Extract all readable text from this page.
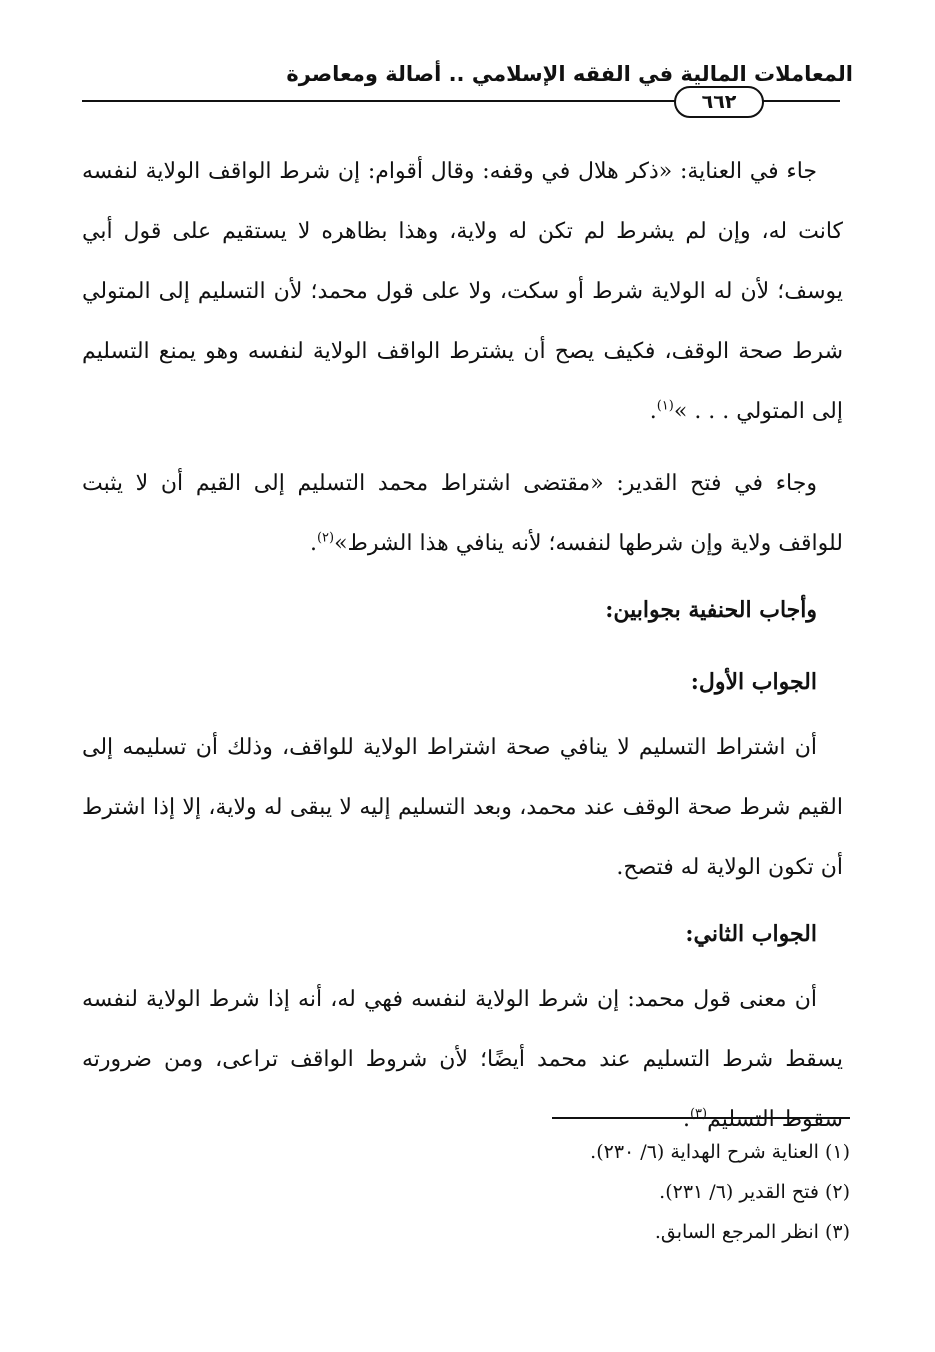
المعاملات المالية في الفقه الإسلامي .. أصالة ومعاصرة
٦٦٢

جاء في العناية: «ذكر هلال في وقفه: وقال أقوام: إن شرط الواقف الولاية لنفسه كانت له، وإن لم يشرط لم تكن له ولاية، وهذا بظاهره لا يستقيم على قول أبي يوسف؛ لأن له الولاية شرط أو سكت، ولا على قول محمد؛ لأن التسليم إلى المتولي شرط صحة الوقف، فكيف يصح أن يشترط الواقف الولاية لنفسه وهو يمنع التسليم إلى المتولي . . . »$^{(١)}$.

وجاء في فتح القدير: «مقتضى اشتراط محمد التسليم إلى القيم أن لا يثبت للواقف ولاية وإن شرطها لنفسه؛ لأنه ينافي هذا الشرط»$^{(٢)}$.

وأجاب الحنفية بجوابين:

الجواب الأول:

أن اشتراط التسليم لا ينافي صحة اشتراط الولاية للواقف، وذلك أن تسليمه إلى القيم شرط صحة الوقف عند محمد، وبعد التسليم إليه لا يبقى له ولاية، إلا إذا اشترط أن تكون الولاية له فتصح.

الجواب الثاني:

أن معنى قول محمد: إن شرط الولاية لنفسه فهي له، أنه إذا شرط الولاية لنفسه يسقط شرط التسليم عند محمد أيضًا؛ لأن شروط الواقف تراعى، ومن ضرورته سقوط التسليم$^{(٣)}$.

(١) العناية شرح الهداية (٦/ ٢٣٠).
(٢) فتح القدير (٦/ ٢٣١).
(٣) انظر المرجع السابق.
